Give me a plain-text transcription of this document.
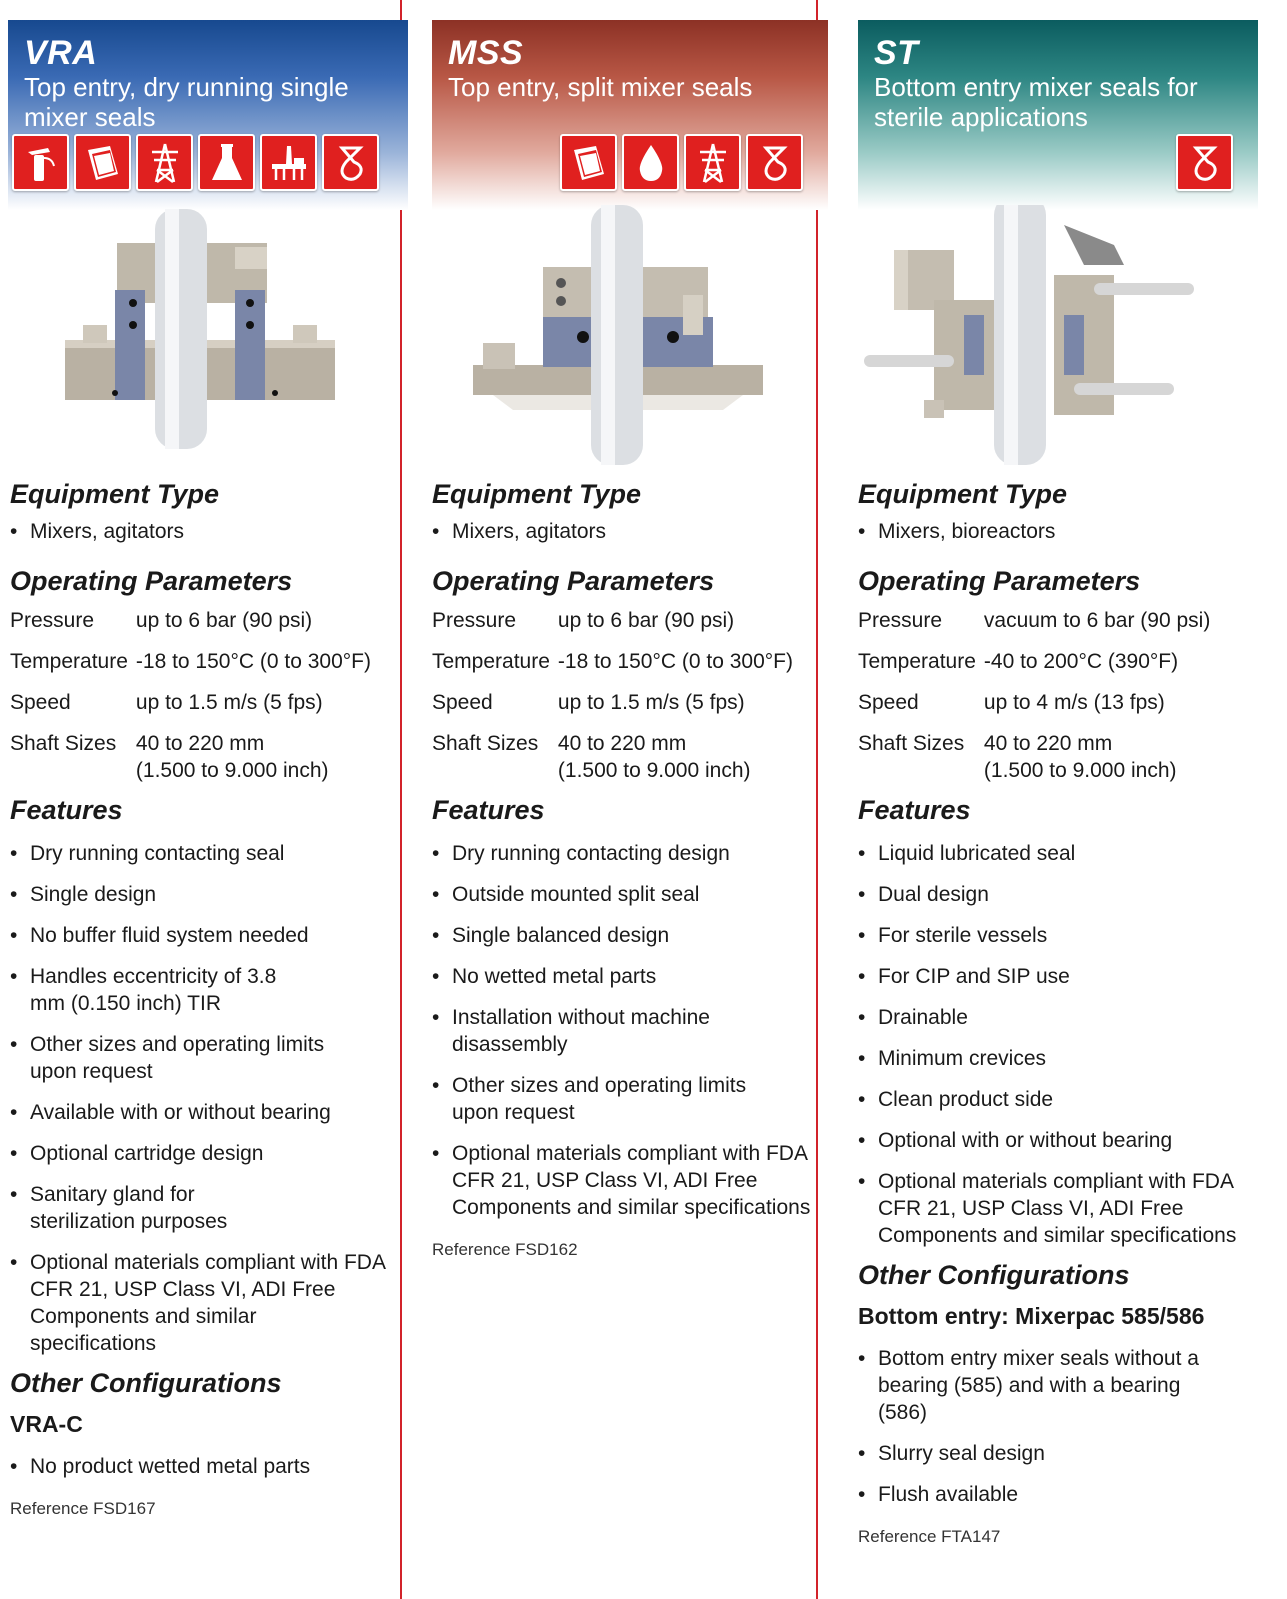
VRA
Top entry, dry running single mixer seals
Equipment Type
• Mixers, agitators
Operating Parameters
Pressure	up to 6 bar (90 psi)
Temperature	-18 to 150°C (0 to 300°F)
Speed	up to 1.5 m/s (5 fps)
Shaft Sizes	40 to 220 mm
(1.500 to 9.000 inch)
Features
• Dry running contacting seal
• Single design
• No buffer fluid system needed
• Handles eccentricity of 3.8 mm (0.150 inch) TIR
• Other sizes and operating limits upon request
• Available with or without bearing
• Optional cartridge design
• Sanitary gland for sterilization purposes
• Optional materials compliant with FDA CFR 21, USP Class VI, ADI Free Components and similar specifications
Other Configurations
VRA-C
• No product wetted metal parts
Reference FSD167
MSS
Top entry, split mixer seals
Equipment Type
• Mixers, agitators
Operating Parameters
Pressure	up to 6 bar (90 psi)
Temperature	-18 to 150°C (0 to 300°F)
Speed	up to 1.5 m/s (5 fps)
Shaft Sizes	40 to 220 mm
(1.500 to 9.000 inch)
Features
• Dry running contacting design
• Outside mounted split seal
• Single balanced design
• No wetted metal parts
• Installation without machine disassembly
• Other sizes and operating limits upon request
• Optional materials compliant with FDA CFR 21, USP Class VI, ADI Free Components and similar specifications
Reference FSD162
ST
Bottom entry mixer seals for sterile applications
Equipment Type
• Mixers, bioreactors
Operating Parameters
Pressure	vacuum to 6 bar (90 psi)
Temperature	-40 to 200°C (390°F)
Speed	up to 4 m/s (13 fps)
Shaft Sizes	40 to 220 mm
(1.500 to 9.000 inch)
Features
• Liquid lubricated seal
• Dual design
• For sterile vessels
• For CIP and SIP use
• Drainable
• Minimum crevices
• Clean product side
• Optional with or without bearing
• Optional materials compliant with FDA CFR 21, USP Class VI, ADI Free Components and similar specifications
Other Configurations
Bottom entry: Mixerpac 585/586
• Bottom entry mixer seals without a bearing (585) and with a bearing (586)
• Slurry seal design
• Flush available
Reference FTA147
